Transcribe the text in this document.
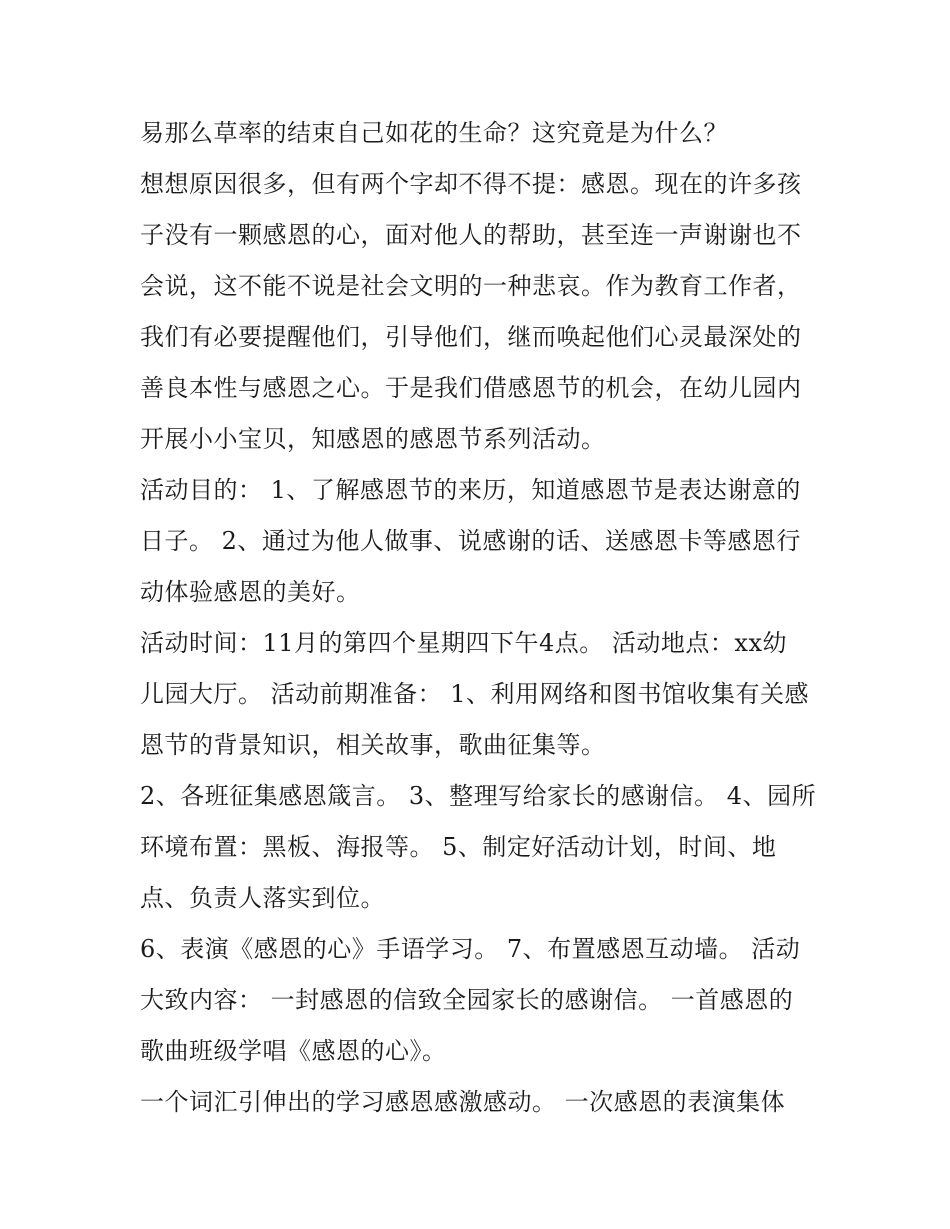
易那么草率的结束自己如花的生命？这究竟是为什么？
想想原因很多，但有两个字却不得不提：感恩。现在的许多孩
子没有一颗感恩的心，面对他人的帮助，甚至连一声谢谢也不
会说，这不能不说是社会文明的一种悲哀。作为教育工作者，
我们有必要提醒他们，引导他们，继而唤起他们心灵最深处的
善良本性与感恩之心。于是我们借感恩节的机会，在幼儿园内
开展小小宝贝，知感恩的感恩节系列活动。
活动目的： 1、了解感恩节的来历，知道感恩节是表达谢意的
日子。 2、通过为他人做事、说感谢的话、送感恩卡等感恩行
动体验感恩的美好。
活动时间：11月的第四个星期四下午4点。 活动地点：xx幼
儿园大厅。 活动前期准备： 1、利用网络和图书馆收集有关感
恩节的背景知识，相关故事，歌曲征集等。
2、各班征集感恩箴言。 3、整理写给家长的感谢信。 4、园所
环境布置：黑板、海报等。 5、制定好活动计划，时间、地
点、负责人落实到位。
6、表演《感恩的心》手语学习。 7、布置感恩互动墙。 活动
大致内容： 一封感恩的信致全园家长的感谢信。 一首感恩的
歌曲班级学唱《感恩的心》。
一个词汇引伸出的学习感恩感激感动。 一次感恩的表演集体
